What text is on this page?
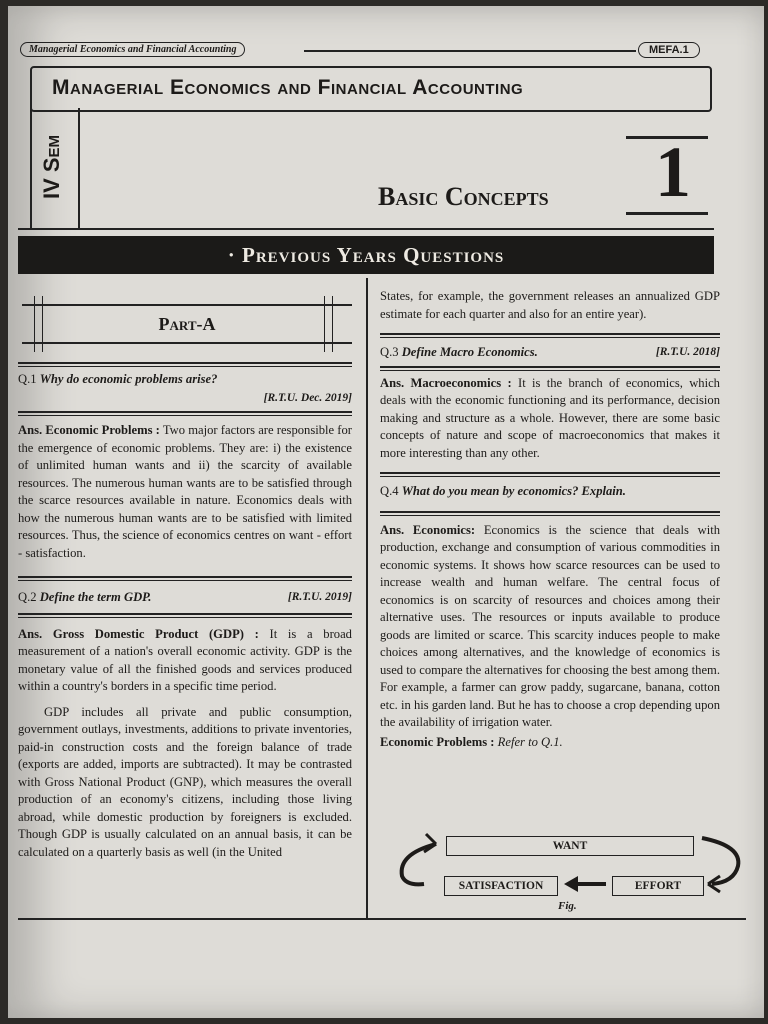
Managerial Economics and Financial Accounting	MEFA.1
Managerial Economics and Financial Accounting
IV Sem	Basic Concepts 1
· Previous Years Questions
Part-A
Q.1 Why do economic problems arise?
[R.T.U. Dec. 2019]

Ans. Economic Problems : Two major factors are responsible for the emergence of economic problems. They are: i) the existence of unlimited human wants and ii) the scarcity of available resources. The numerous human wants are to be satisfied through the scarce resources available in nature. Economics deals with how the numerous human wants are to be satisfied with limited resources. Thus, the science of economics centres on want - effort - satisfaction.

Q.2 Define the term GDP.	[R.T.U. 2019]

Ans. Gross Domestic Product (GDP) : It is a broad measurement of a nation's overall economic activity. GDP is the monetary value of all the finished goods and services produced within a country's borders in a specific time period.

GDP includes all private and public consumption, government outlays, investments, additions to private inventories, paid-in construction costs and the foreign balance of trade (exports are added, imports are subtracted). It may be contrasted with Gross National Product (GNP), which measures the overall production of an economy's citizens, including those living abroad, while domestic production by foreigners is excluded. Though GDP is usually calculated on an annual basis, it can be calculated on a quarterly basis as well (in the United

States, for example, the government releases an annualized GDP estimate for each quarter and also for an entire year).

Q.3 Define Macro Economics.	[R.T.U. 2018]

Ans. Macroeconomics : It is the branch of economics, which deals with the economic functioning and its performance, decision making and structure as a whole. However, there are some basic concepts of nature and scope of macroeconomics that makes it more interesting than any other.

Q.4 What do you mean by economics? Explain.

Ans. Economics: Economics is the science that deals with production, exchange and consumption of various commodities in economic systems. It shows how scarce resources can be used to increase wealth and human welfare. The central focus of economics is on scarcity of resources and choices among their alternative uses. The resources or inputs available to produce goods are limited or scarce. This scarcity induces people to make choices among alternatives, and the knowledge of economics is used to compare the alternatives for choosing the best among them. For example, a farmer can grow paddy, sugarcane, banana, cotton etc. in his garden land. But he has to choose a crop depending upon the availability of irrigation water.

Economic Problems : Refer to Q.1.

WANT
SATISFACTION	EFFORT
Fig.
